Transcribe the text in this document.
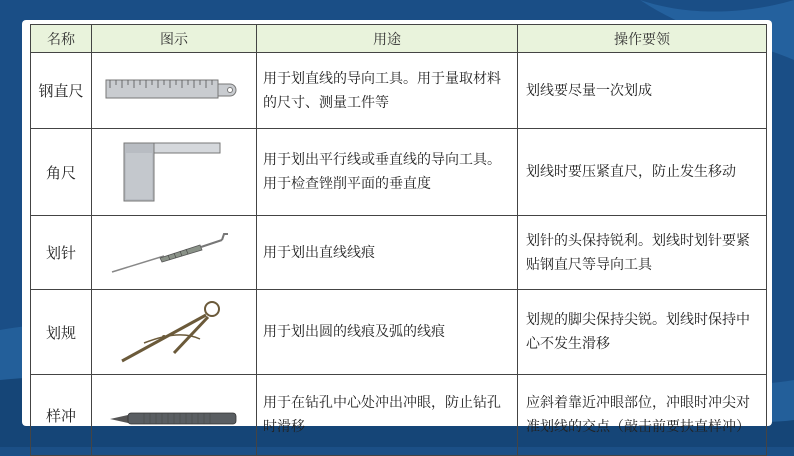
名称	图示	用途	操作要领
钢直尺		用于划直线的导向工具。用于量取材料的尺寸、测量工件等	划线要尽量一次划成
角尺		用于划出平行线或垂直线的导向工具。用于检查锉削平面的垂直度	划线时要压紧直尺，防止发生移动
划针		用于划出直线线痕	划针的头保持锐利。划线时划针要紧贴钢直尺等导向工具
划规		用于划出圆的线痕及弧的线痕	划规的脚尖保持尖锐。划线时保持中心不发生滑移
样冲		用于在钻孔中心处冲出冲眼，防止钻孔时滑移	应斜着靠近冲眼部位，冲眼时冲尖对准划线的交点（敲击前要扶直样冲）
